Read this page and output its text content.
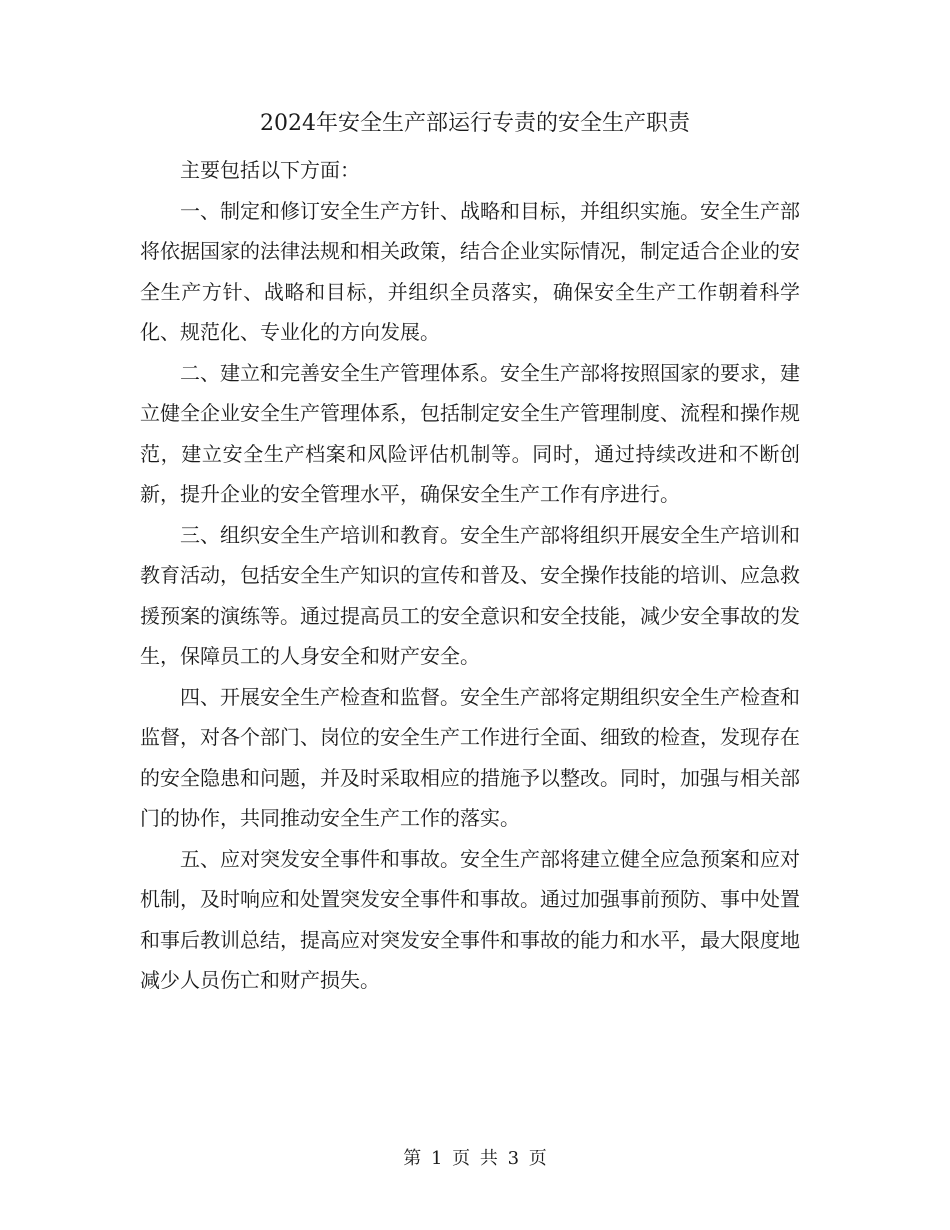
2024年安全生产部运行专责的安全生产职责

主要包括以下方面：

一、制定和修订安全生产方针、战略和目标，并组织实施。安全生产部将依据国家的法律法规和相关政策，结合企业实际情况，制定适合企业的安全生产方针、战略和目标，并组织全员落实，确保安全生产工作朝着科学化、规范化、专业化的方向发展。

二、建立和完善安全生产管理体系。安全生产部将按照国家的要求，建立健全企业安全生产管理体系，包括制定安全生产管理制度、流程和操作规范，建立安全生产档案和风险评估机制等。同时，通过持续改进和不断创新，提升企业的安全管理水平，确保安全生产工作有序进行。

三、组织安全生产培训和教育。安全生产部将组织开展安全生产培训和教育活动，包括安全生产知识的宣传和普及、安全操作技能的培训、应急救援预案的演练等。通过提高员工的安全意识和安全技能，减少安全事故的发生，保障员工的人身安全和财产安全。

四、开展安全生产检查和监督。安全生产部将定期组织安全生产检查和监督，对各个部门、岗位的安全生产工作进行全面、细致的检查，发现存在的安全隐患和问题，并及时采取相应的措施予以整改。同时，加强与相关部门的协作，共同推动安全生产工作的落实。

五、应对突发安全事件和事故。安全生产部将建立健全应急预案和应对机制，及时响应和处置突发安全事件和事故。通过加强事前预防、事中处置和事后教训总结，提高应对突发安全事件和事故的能力和水平，最大限度地减少人员伤亡和财产损失。

第 1 页 共 3 页
